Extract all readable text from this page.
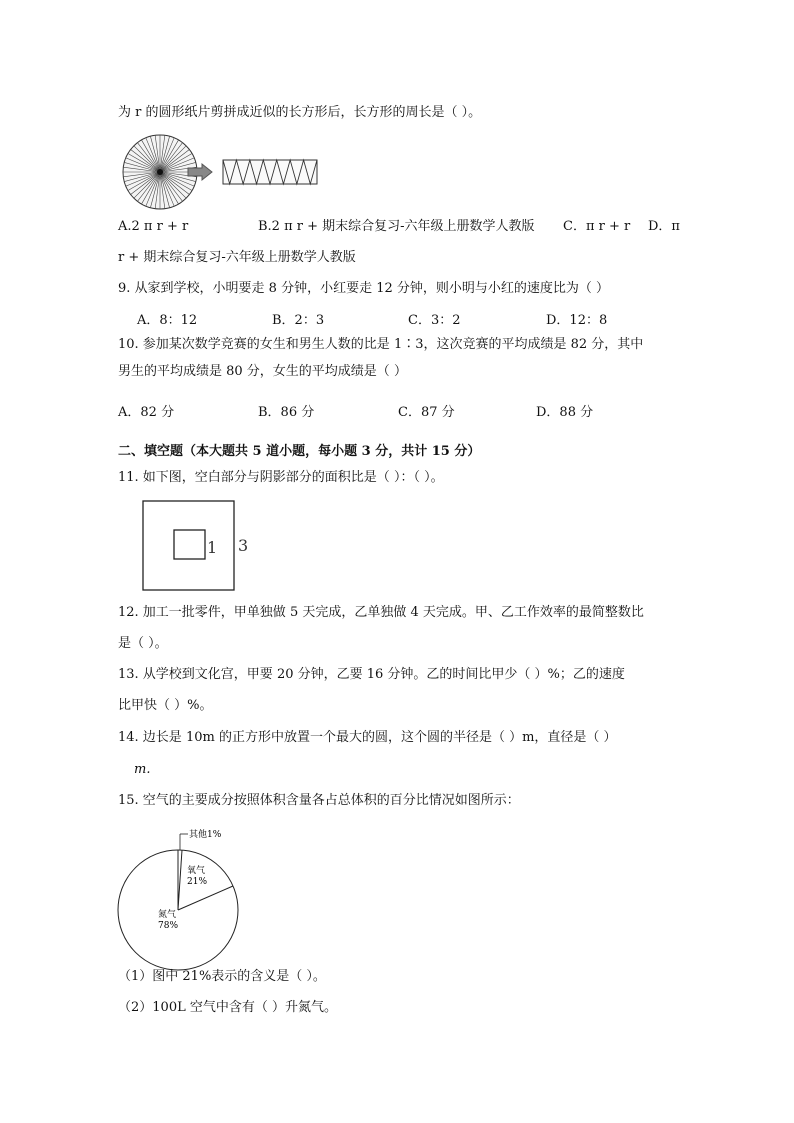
为 r 的圆形纸片剪拼成近似的长方形后，长方形的周长是（ ）。
A.2 π r + r	B.2 π r + 期末综合复习-六年级上册数学人教版 C．π r + r D．π
r + 期末综合复习-六年级上册数学人教版
9. 从家到学校，小明要走 8 分钟，小红要走 12 分钟，则小明与小红的速度比为（ ）
A．8：12	B．2：3	C．3：2	D．12：8
10. 参加某次数学竞赛的女生和男生人数的比是 1∶3，这次竞赛的平均成绩是 82 分，其中
男生的平均成绩是 80 分，女生的平均成绩是（ ）
A．82 分	B．86 分	C．87 分	D．88 分
二、填空题（本大题共 5 道小题，每小题 3 分，共计 15 分）
11. 如下图，空白部分与阴影部分的面积比是（ ）：（ ）。
1 3
12. 加工一批零件，甲单独做 5 天完成，乙单独做 4 天完成。甲、乙工作效率的最简整数比
是（ ）。
13. 从学校到文化宫，甲要 20 分钟，乙要 16 分钟。乙的时间比甲少（ ）%；乙的速度
比甲快（ ）%。
14. 边长是 10m 的正方形中放置一个最大的圆，这个圆的半径是（ ）m，直径是（ ）
m.
15. 空气的主要成分按照体积含量各占总体积的百分比情况如图所示：
其他1%
氧气
21%
氮气
78%
（1）图中 21%表示的含义是（ ）。
（2）100L 空气中含有（ ）升氮气。
